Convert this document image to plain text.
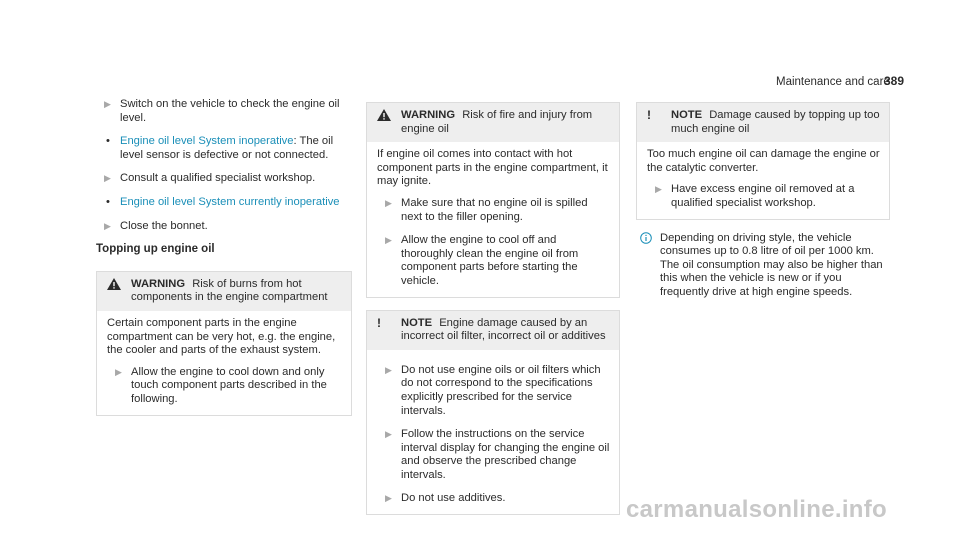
Maintenance and care
389
▶ Switch on the vehicle to check the engine oil level.
• Engine oil level System inoperative: The oil level sensor is defective or not connected.
▶ Consult a qualified specialist workshop.
• Engine oil level System currently inoperative
▶ Close the bonnet.
Topping up engine oil
WARNING Risk of burns from hot components in the engine compartment
Certain component parts in the engine compartment can be very hot, e.g. the engine, the cooler and parts of the exhaust system.
▶ Allow the engine to cool down and only touch component parts described in the following.
WARNING Risk of fire and injury from engine oil
If engine oil comes into contact with hot component parts in the engine compartment, it may ignite.
▶ Make sure that no engine oil is spilled next to the filler opening.
▶ Allow the engine to cool off and thoroughly clean the engine oil from component parts before starting the vehicle.
! NOTE Engine damage caused by an incorrect oil filter, incorrect oil or additives
▶ Do not use engine oils or oil filters which do not correspond to the specifications explicitly prescribed for the service intervals.
▶ Follow the instructions on the service interval display for changing the engine oil and observe the prescribed change intervals.
▶ Do not use additives.
! NOTE Damage caused by topping up too much engine oil
Too much engine oil can damage the engine or the catalytic converter.
▶ Have excess engine oil removed at a qualified specialist workshop.
Depending on driving style, the vehicle consumes up to 0.8 litre of oil per 1000 km. The oil consumption may also be higher than this when the vehicle is new or if you frequently drive at high engine speeds.
carmanualsonline.info
